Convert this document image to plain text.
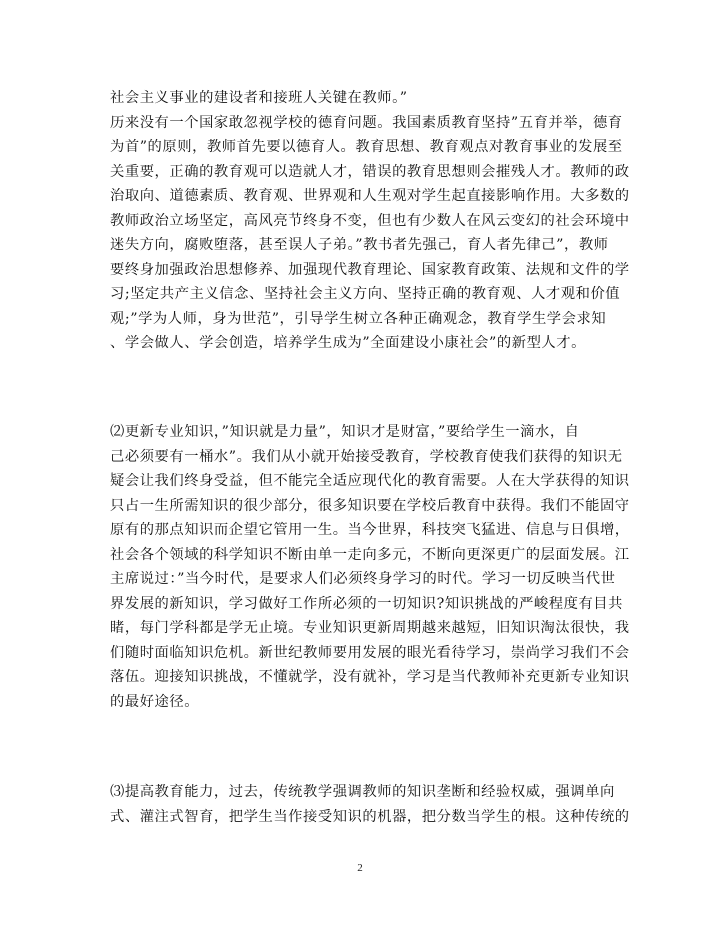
社会主义事业的建设者和接班人关键在教师。”
历来没有一个国家敢忽视学校的德育问题。我国素质教育坚持”五育并举，德育
为首”的原则，教师首先要以德育人。教育思想、教育观点对教育事业的发展至
关重要，正确的教育观可以造就人才，错误的教育思想则会摧残人才。教师的政
治取向、道德素质、教育观、世界观和人生观对学生起直接影响作用。大多数的
教师政治立场坚定，高风亮节终身不变，但也有少数人在风云变幻的社会环境中
迷失方向，腐败堕落，甚至误人子弟。”教书者先强己，育人者先律己”，教师
要终身加强政治思想修养、加强现代教育理论、国家教育政策、法规和文件的学
习;坚定共产主义信念、坚持社会主义方向、坚持正确的教育观、人才观和价值
观;”学为人师，身为世范”，引导学生树立各种正确观念，教育学生学会求知
、学会做人、学会创造，培养学生成为”全面建设小康社会”的新型人才。
⑵更新专业知识，”知识就是力量”，知识才是财富，”要给学生一滴水，自
己必须要有一桶水”。我们从小就开始接受教育，学校教育使我们获得的知识无
疑会让我们终身受益，但不能完全适应现代化的教育需要。人在大学获得的知识
只占一生所需知识的很少部分，很多知识要在学校后教育中获得。我们不能固守
原有的那点知识而企望它管用一生。当今世界，科技突飞猛进、信息与日俱增，
社会各个领域的科学知识不断由单一走向多元，不断向更深更广的层面发展。江
主席说过：”当今时代，是要求人们必须终身学习的时代。学习一切反映当代世
界发展的新知识，学习做好工作所必须的一切知识?知识挑战的严峻程度有目共
睹，每门学科都是学无止境。专业知识更新周期越来越短，旧知识淘汰很快，我
们随时面临知识危机。新世纪教师要用发展的眼光看待学习，崇尚学习我们不会
落伍。迎接知识挑战，不懂就学，没有就补，学习是当代教师补充更新专业知识
的最好途径。
⑶提高教育能力，过去，传统教学强调教师的知识垄断和经验权威，强调单向
式、灌注式智育，把学生当作接受知识的机器，把分数当学生的根。这种传统的
2
